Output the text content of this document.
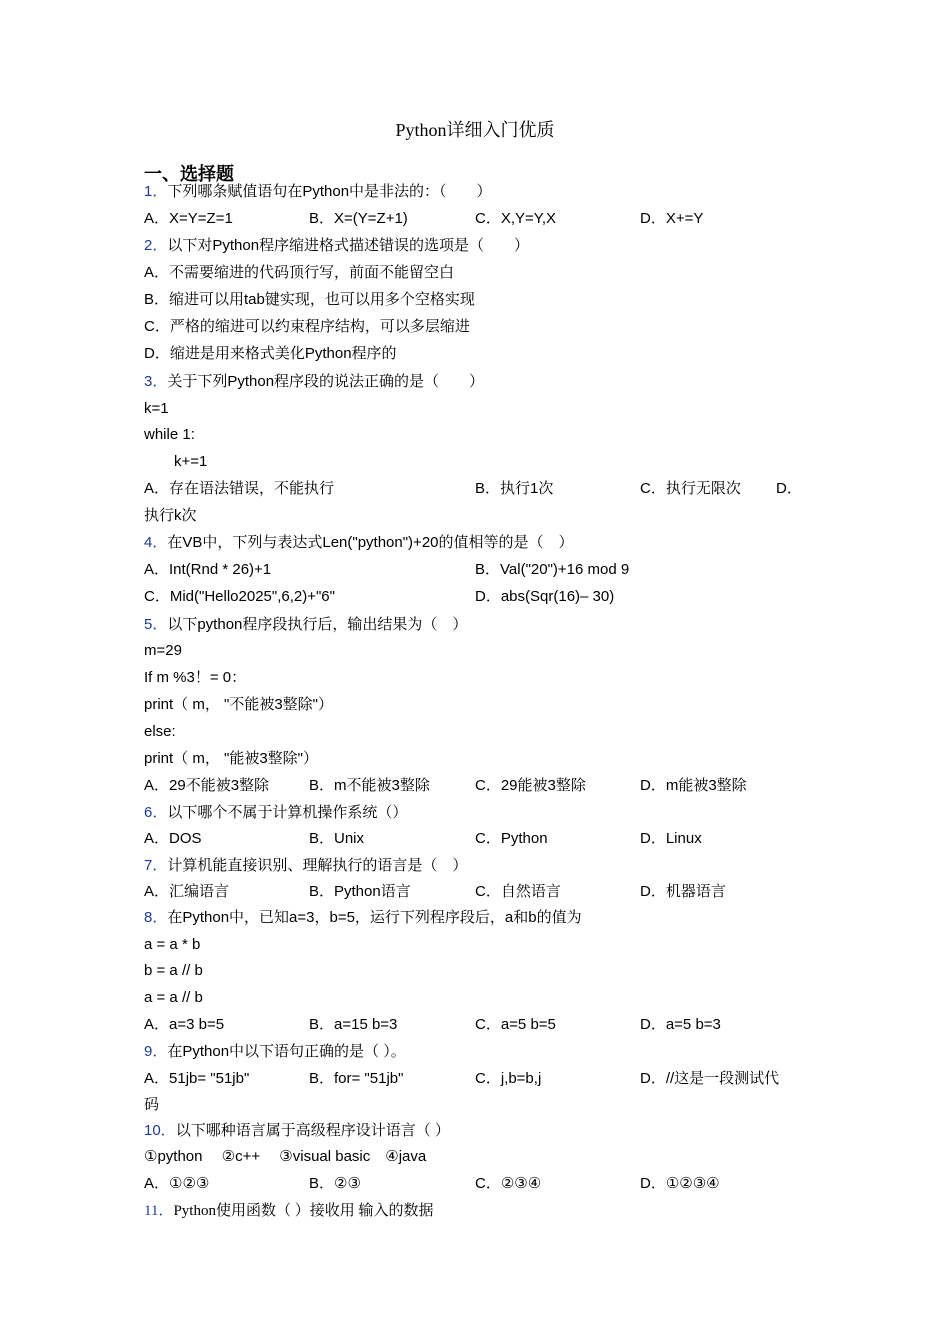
Python详细入门优质
一、选择题
1．下列哪条赋值语句在Python中是非法的：（　　）
A．X=Y=Z=1	B．X=(Y=Z+1)	C．X,Y=Y,X	D．X+=Y
2．以下对Python程序缩进格式描述错误的选项是（　　）
A．不需要缩进的代码顶行写，前面不能留空白
B．缩进可以用tab键实现，也可以用多个空格实现
C．严格的缩进可以约束程序结构，可以多层缩进
D．缩进是用来格式美化Python程序的
3．关于下列Python程序段的说法正确的是（　　）
k=1
while 1:
k+=1
A．存在语法错误，不能执行	B．执行1次	C．执行无限次 D．
执行k次
4．在VB中，下列与表达式Len("python")+20的值相等的是（　）
A．Int(Rnd * 26)+1	B．Val("20")+16 mod 9
C．Mid("Hello2025",6,2)+"6"	D．abs(Sqr(16)– 30)
5．以下python程序段执行后，输出结果为（　）
m=29
If m %3！= 0：
print（ m， "不能被3整除"）
else:
print（ m， "能被3整除"）
A．29不能被3整除	B．m不能被3整除	C．29能被3整除	D．m能被3整除
6．以下哪个不属于计算机操作系统（）
A．DOS	B．Unix	C．Python	D．Linux
7．计算机能直接识别、理解执行的语言是（　）
A．汇编语言	B．Python语言	C．自然语言	D．机器语言
8．在Python中，已知a=3，b=5，运行下列程序段后，a和b的值为
a = a * b
b = a // b
a = a // b
A．a=3 b=5	B．a=15 b=3	C．a=5 b=5	D．a=5 b=3
9．在Python中以下语句正确的是（ ）。
A．51jb= "51jb"	B．for= "51jb"	C．j,b=b,j	D．//这是一段测试代
码
10．以下哪种语言属于高级程序设计语言（ ）
①python　 ②c++　 ③visual basic　④java
A．①②③	B．②③	C．②③④	D．①②③④
11．Python使用函数（ ）接收用 输入的数据
